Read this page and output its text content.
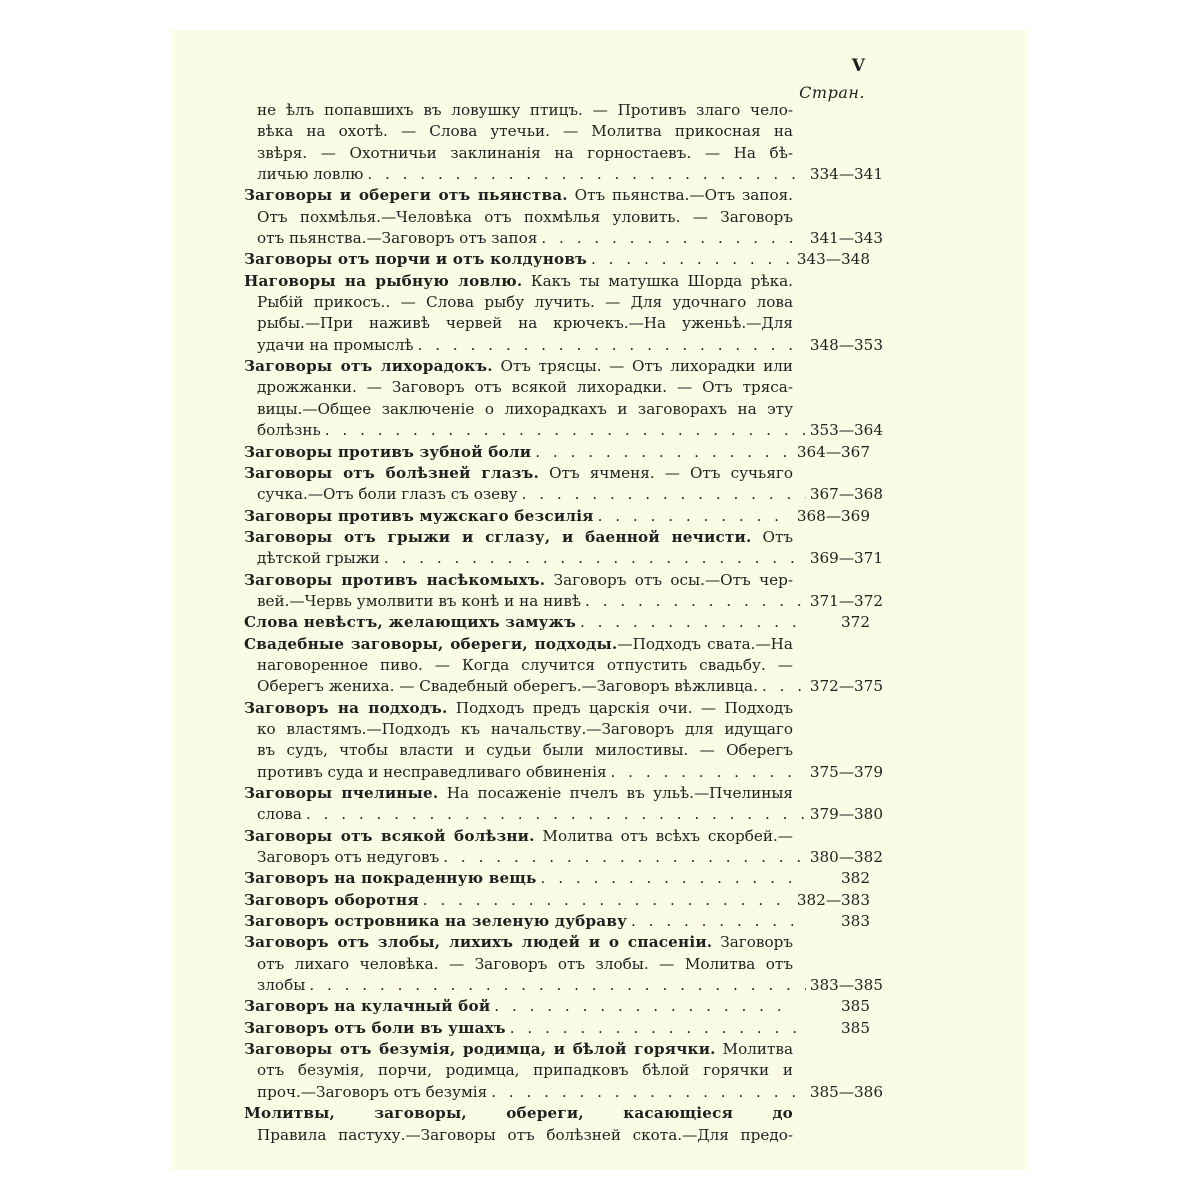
V
Стран.
не ѣлъ попавшихъ въ ловушку птицъ. — Противъ злаго чело-
вѣка на охотѣ. — Слова утечьи. — Молитва прикосная на
звѣря. — Охотничьи заклинанія на горностаевъ. — На бѣ-
личью ловлю . . .	334—341
Заговоры и обереги отъ пьянства. Отъ пьянства.—Отъ запоя.
Отъ похмѣлья.—Человѣка отъ похмѣлья уловить. — Заговоръ
отъ пьянства.—Заговоръ отъ запоя . . .	341—343
Заговоры отъ порчи и отъ колдуновъ . . .	343—348
Наговоры на рыбную ловлю. Какъ ты матушка Шорда рѣка.
Рыбій прикосъ.. — Слова рыбу лучить. — Для удочнаго лова
рыбы.—При наживѣ червей на крючекъ.—На уженьѣ.—Для
удачи на промыслѣ . . .	348—353
Заговоры отъ лихорадокъ. Отъ трясцы. — Отъ лихорадки или
дрожжанки. — Заговоръ отъ всякой лихорадки. — Отъ тряса-
вицы.—Общее заключеніе о лихорадкахъ и заговорахъ на эту
болѣзнь . . .	353—364
Заговоры противъ зубной боли . . .	364—367
Заговоры отъ болѣзней глазъ. Отъ ячменя. — Отъ сучьяго
сучка.—Отъ боли глазъ съ озеву . . .	367—368
Заговоры противъ мужскаго безсилія . . .	368—369
Заговоры отъ грыжи и сглазу, и баенной нечисти. Отъ
дѣтской грыжи . . .	369—371
Заговоры противъ насѣкомыхъ. Заговоръ отъ осы.—Отъ чер-
вей.—Червь умолвити въ конѣ и на нивѣ . . .	371—372
Слова невѣстъ, желающихъ замужъ . . .	372
Свадебные заговоры, обереги, подходы.—Подходъ свата.—На
наговоренное пиво. — Когда случится отпустить свадьбу. —
Оберегъ жениха. — Свадебный оберегъ.—Заговоръ вѣжливца. . . .	372—375
Заговоръ на подходъ. Подходъ предъ царскія очи. — Подходъ
ко властямъ.—Подходъ къ начальству.—Заговоръ для идущаго
въ судъ, чтобы власти и судьи были милостивы. — Оберегъ
противъ суда и несправедливаго обвиненія . . .	375—379
Заговоры пчелиные. На посаженіе пчелъ въ ульѣ.—Пчелиныя
слова . . .	379—380
Заговоры отъ всякой болѣзни. Молитва отъ всѣхъ скорбей.—
Заговоръ отъ недуговъ . . .	380—382
Заговоръ на покраденную вещь . . .	382
Заговоръ оборотня . . .	382—383
Заговоръ островника на зеленую дубраву . . .	383
Заговоръ отъ злобы, лихихъ людей и о спасеніи. Заговоръ
отъ лихаго человѣка. — Заговоръ отъ злобы. — Молитва отъ
злобы . . .	383—385
Заговоръ на кулачный бой . . .	385
Заговоръ отъ боли въ ушахъ . . .	385
Заговоры отъ безумія, родимца, и бѣлой горячки. Молитва
отъ безумія, порчи, родимца, припадковъ бѣлой горячки и
проч.—Заговоръ отъ безумія . . .	385—386
Молитвы, заговоры, обереги, касающіеся до
Правила пастуху.—Заговоры отъ болѣзней скота.—Для предо-
